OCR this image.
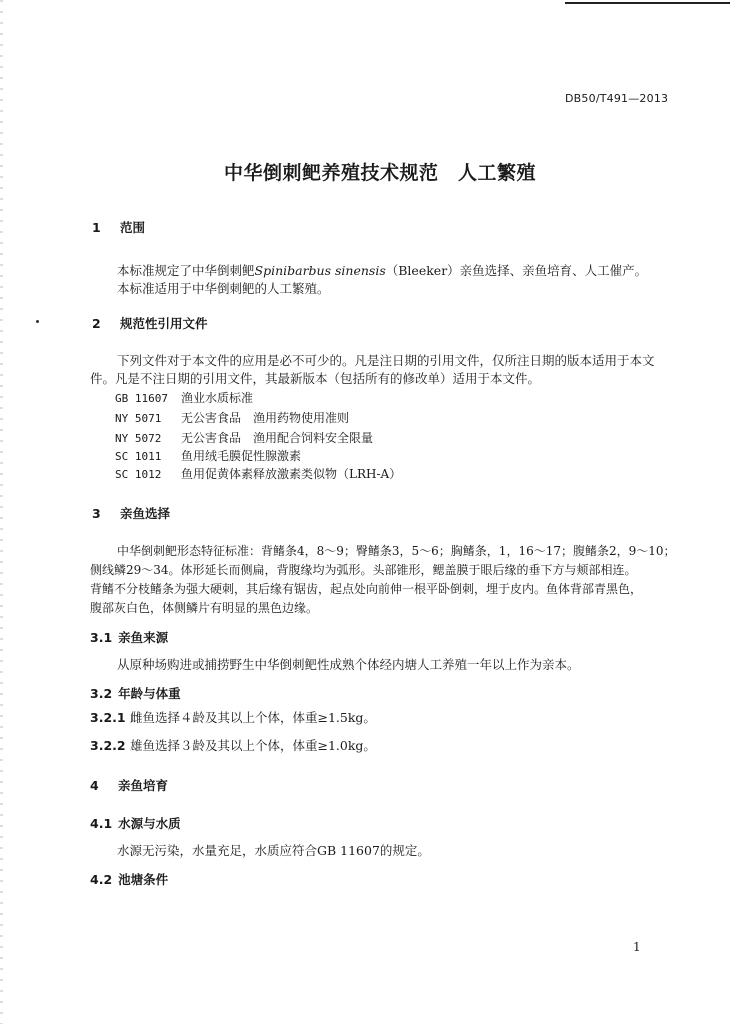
DB50/T491—2013
中华倒刺鲃养殖技术规范　人工繁殖
1 范围
本标准规定了中华倒刺鲃Spinibarbus sinensis（Bleeker）亲鱼选择、亲鱼培育、人工催产。
本标准适用于中华倒刺鲃的人工繁殖。
2 规范性引用文件
下列文件对于本文件的应用是必不可少的。凡是注日期的引用文件，仅所注日期的版本适用于本文
件。凡是不注日期的引用文件，其最新版本（包括所有的修改单）适用于本文件。
GB 11607 渔业水质标准
NY 5071 无公害食品　渔用药物使用准则
NY 5072 无公害食品　渔用配合饲料安全限量
SC 1011 鱼用绒毛膜促性腺激素
SC 1012 鱼用促黄体素释放激素类似物（LRH-A）
3 亲鱼选择
中华倒刺鲃形态特征标准：背鳍条4，8～9；臀鳍条3，5～6；胸鳍条，1，16～17；腹鳍条2，9～10；
侧线鳞29～34。体形延长而侧扁，背腹缘均为弧形。头部锥形，鳃盖膜于眼后缘的垂下方与颊部相连。
背鳍不分枝鳍条为强大硬刺，其后缘有锯齿，起点处向前伸一根平卧倒刺，埋于皮内。鱼体背部青黑色，
腹部灰白色，体侧鳞片有明显的黑色边缘。
3.1 亲鱼来源
从原种场购进或捕捞野生中华倒刺鲃性成熟个体经内塘人工养殖一年以上作为亲本。
3.2 年龄与体重
3.2.1 雌鱼选择４龄及其以上个体，体重≥1.5kg。
3.2.2 雄鱼选择３龄及其以上个体，体重≥1.0kg。
4 亲鱼培育
4.1 水源与水质
水源无污染，水量充足，水质应符合GB 11607的规定。
4.2 池塘条件
1
